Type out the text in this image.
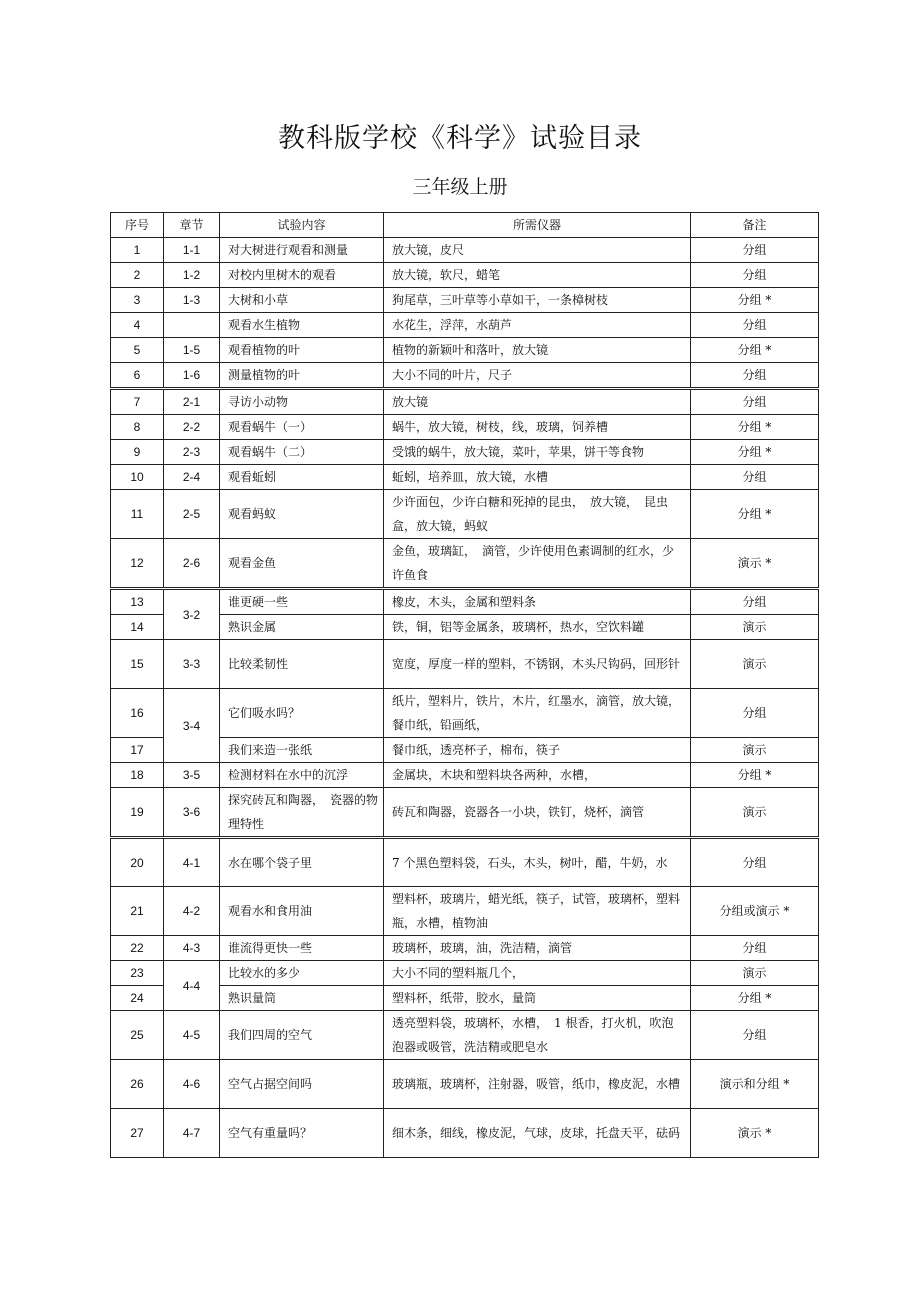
教科版学校《科学》试验目录
三年级上册
序号	章节	试验内容	所需仪器	备注
1	1-1	对大树进行观看和测量	放大镜，皮尺	分组
2	1-2	对校内里树木的观看	放大镜，软尺，蜡笔	分组
3	1-3	大树和小草	狗尾草，三叶草等小草如干，一条樟树枝	分组 *
4		观看水生植物	水花生，浮萍，水葫芦	分组
5	1-5	观看植物的叶	植物的新颖叶和落叶，放大镜	分组 *
6	1-6	测量植物的叶	大小不同的叶片，尺子	分组
7	2-1	寻访小动物	放大镜	分组
8	2-2	观看蜗牛（一）	蜗牛，放大镜，树枝，线，玻璃，饲养槽	分组 *
9	2-3	观看蜗牛（二）	受饿的蜗牛，放大镜，菜叶，苹果，饼干等食物	分组 *
10	2-4	观看蚯蚓	蚯蚓，培养皿，放大镜，水槽	分组
11	2-5	观看蚂蚁	少许面包，少许白糖和死掉的昆虫，　放大镜，　昆虫盒，放大镜，蚂蚁	分组 *
12	2-6	观看金鱼	金鱼，玻璃缸，　滴管，少许使用色素调制的红水，少许鱼食	演示 *
13	3-2	谁更硬一些	橡皮，木头，金属和塑料条	分组
14		熟识金属	铁，铜，铝等金属条，玻璃杯，热水，空饮料罐	演示
15	3-3	比较柔韧性	宽度，厚度一样的塑料，不锈钢，木头尺钩码，回形针	演示
16	3-4	它们吸水吗？	纸片，塑料片，铁片，木片，红墨水，滴管，放大镜，餐巾纸，铅画纸，	分组
17		我们来造一张纸	餐巾纸，透亮杯子，棉布，筷子	演示
18	3-5	检测材料在水中的沉浮	金属块，木块和塑料块各两种，水槽，	分组 *
19	3-6	探究砖瓦和陶器，　瓷器的物理特性	砖瓦和陶器，瓷器各一小块，铁钉，烧杯，滴管	演示
20	4-1	水在哪个袋子里	7 个黑色塑料袋，石头，木头，树叶，醋，牛奶，水	分组
21	4-2	观看水和食用油	塑料杯，玻璃片，蜡光纸，筷子，试管，玻璃杯，塑料瓶，水槽，植物油	分组或演示 *
22	4-3	谁流得更快一些	玻璃杯，玻璃，油，洗洁精，滴管	分组
23	4-4	比较水的多少	大小不同的塑料瓶几个，	演示
24		熟识量筒	塑料杯，纸带，胶水，量筒	分组 *
25	4-5	我们四周的空气	透亮塑料袋，玻璃杯，水槽，　1 根香，打火机，吹泡泡器或吸管，洗洁精或肥皂水	分组
26	4-6	空气占据空间吗	玻璃瓶，玻璃杯，注射器，吸管，纸巾，橡皮泥，水槽	演示和分组 *
27	4-7	空气有重量吗？	细木条，细线，橡皮泥，气球，皮球，托盘天平，砝码	演示 *
